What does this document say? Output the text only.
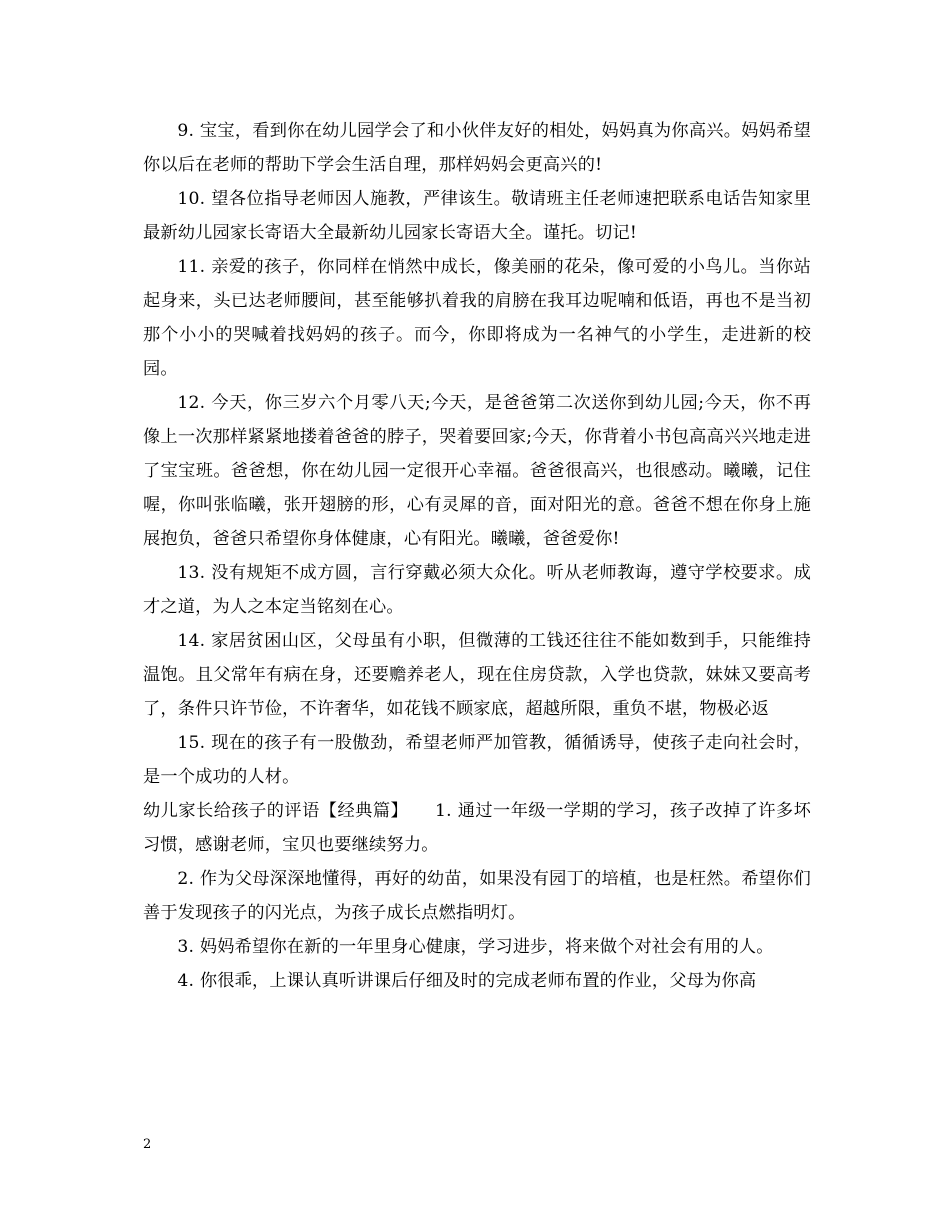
9. 宝宝，看到你在幼儿园学会了和小伙伴友好的相处，妈妈真为你高兴。妈妈希望你以后在老师的帮助下学会生活自理，那样妈妈会更高兴的!

10. 望各位指导老师因人施教，严律该生。敬请班主任老师速把联系电话告知家里最新幼儿园家长寄语大全最新幼儿园家长寄语大全。谨托。切记!

11. 亲爱的孩子，你同样在悄然中成长，像美丽的花朵，像可爱的小鸟儿。当你站起身来，头已达老师腰间，甚至能够扒着我的肩膀在我耳边呢喃和低语，再也不是当初那个小小的哭喊着找妈妈的孩子。而今，你即将成为一名神气的小学生，走进新的校园。

12. 今天，你三岁六个月零八天;今天，是爸爸第二次送你到幼儿园;今天，你不再像上一次那样紧紧地搂着爸爸的脖子，哭着要回家;今天，你背着小书包高高兴兴地走进了宝宝班。爸爸想，你在幼儿园一定很开心幸福。爸爸很高兴，也很感动。曦曦，记住喔，你叫张临曦，张开翅膀的形，心有灵犀的音，面对阳光的意。爸爸不想在你身上施展抱负，爸爸只希望你身体健康，心有阳光。曦曦，爸爸爱你!

13. 没有规矩不成方圆，言行穿戴必须大众化。听从老师教诲，遵守学校要求。成才之道，为人之本定当铭刻在心。

14. 家居贫困山区，父母虽有小职，但微薄的工钱还往往不能如数到手，只能维持温饱。且父常年有病在身，还要赡养老人，现在住房贷款，入学也贷款，妹妹又要高考了，条件只许节俭，不许奢华，如花钱不顾家底，超越所限，重负不堪，物极必返

15. 现在的孩子有一股傲劲，希望老师严加管教，循循诱导，使孩子走向社会时，是一个成功的人材。

幼儿家长给孩子的评语【经典篇】　　1. 通过一年级一学期的学习，孩子改掉了许多坏习惯，感谢老师，宝贝也要继续努力。

2. 作为父母深深地懂得，再好的幼苗，如果没有园丁的培植，也是枉然。希望你们善于发现孩子的闪光点，为孩子成长点燃指明灯。

3. 妈妈希望你在新的一年里身心健康，学习进步，将来做个对社会有用的人。

4. 你很乖，上课认真听讲课后仔细及时的完成老师布置的作业，父母为你高

2
